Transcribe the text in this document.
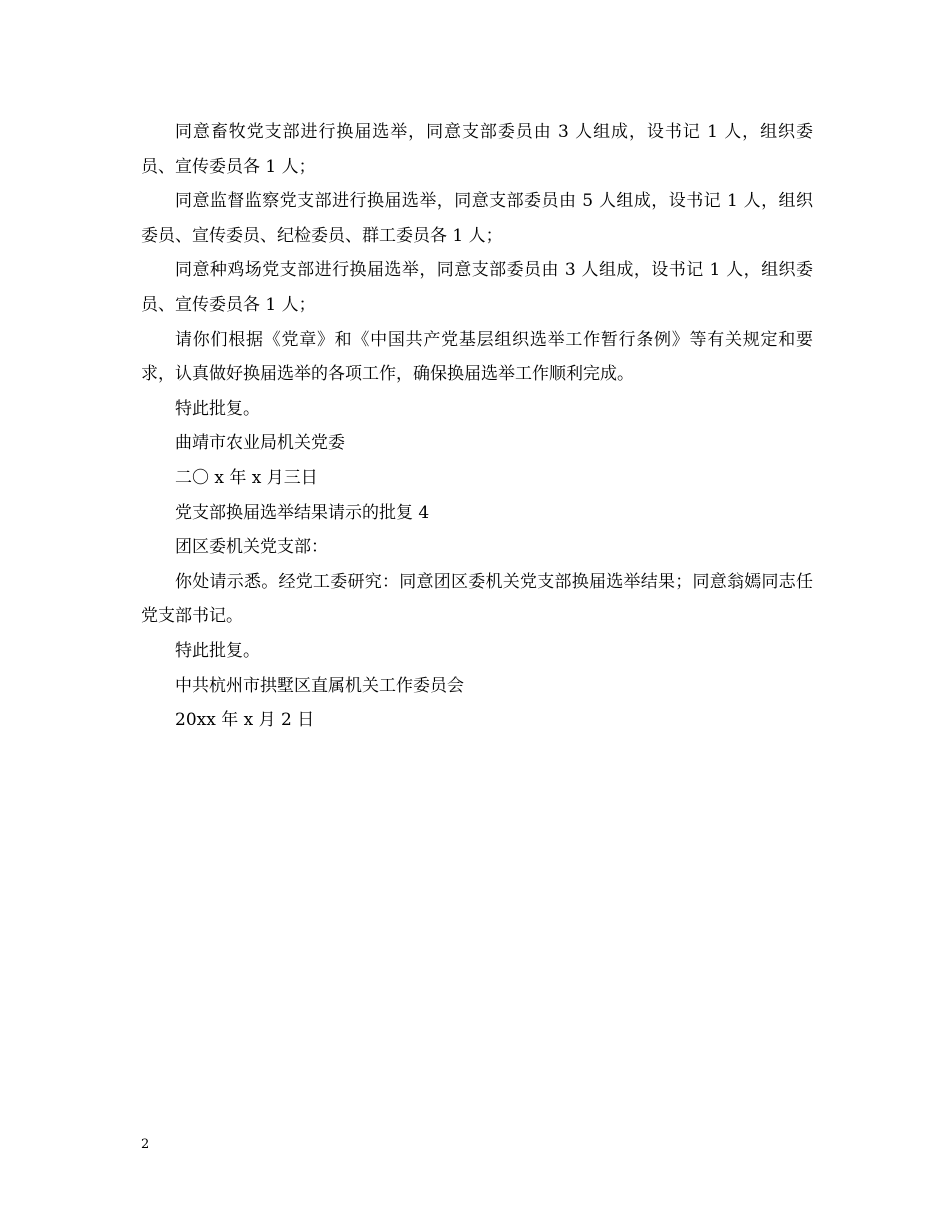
同意畜牧党支部进行换届选举，同意支部委员由 3 人组成，设书记 1 人，组织委员、宣传委员各 1 人；

同意监督监察党支部进行换届选举，同意支部委员由 5 人组成，设书记 1 人，组织委员、宣传委员、纪检委员、群工委员各 1 人；

同意种鸡场党支部进行换届选举，同意支部委员由 3 人组成，设书记 1 人，组织委员、宣传委员各 1 人；

请你们根据《党章》和《中国共产党基层组织选举工作暂行条例》等有关规定和要求，认真做好换届选举的各项工作，确保换届选举工作顺利完成。

特此批复。

曲靖市农业局机关党委

二〇 x 年 x 月三日

党支部换届选举结果请示的批复 4

团区委机关党支部：

你处请示悉。经党工委研究：同意团区委机关党支部换届选举结果；同意翁嫣同志任党支部书记。

特此批复。

中共杭州市拱墅区直属机关工作委员会

20xx 年 x 月 2 日

2
